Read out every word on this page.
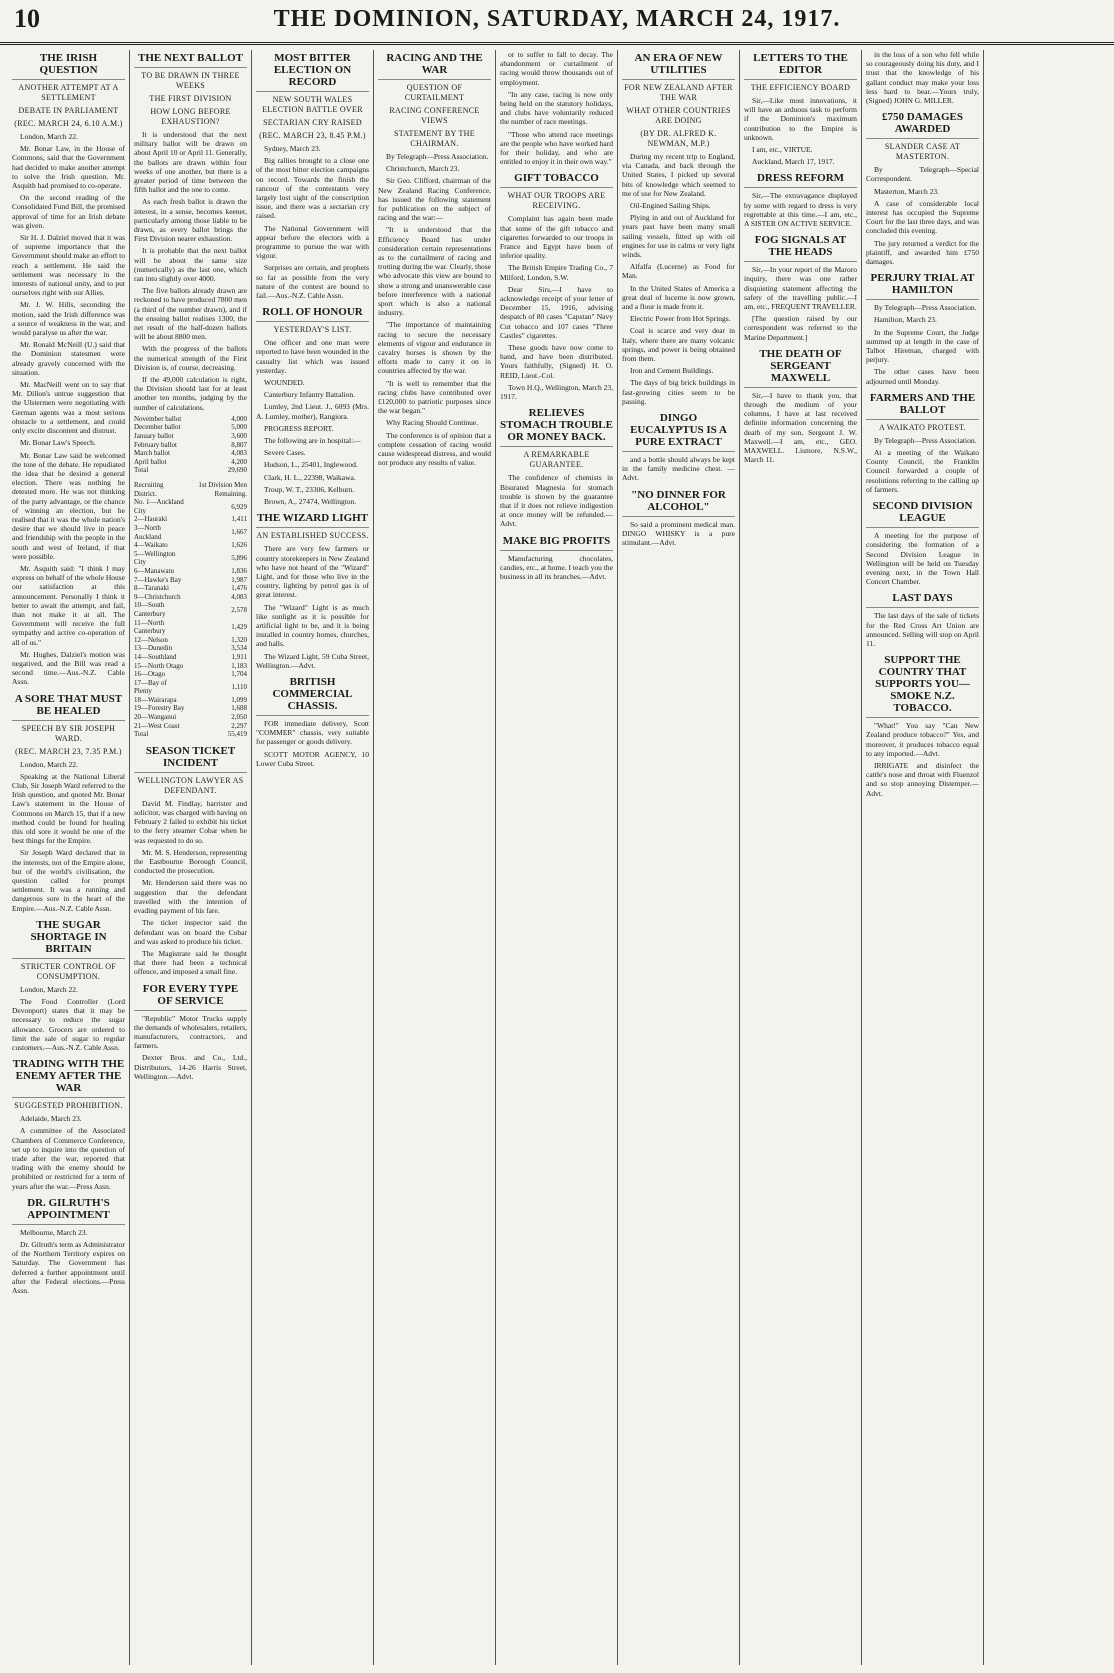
10	THE DOMINION, SATURDAY, MARCH 24, 1917.
THE IRISH QUESTION
ANOTHER ATTEMPT AT A SETTLEMENT
DEBATE IN PARLIAMENT
(REC. MARCH 24, 6.10 A.M.)

London, March 22.

Mr. Bonar Law, in the House of Commons, said that the Government had decided to make another attempt to solve the Irish question. Mr. Asquith had promised to co-operate.

On the second reading of the Consolidated Fund Bill, the promised approval of time for an Irish debate was given.

Sir H. J. Dalziel moved that it was of supreme importance that the Government should make an effort to reach a settlement. He said the settlement was necessary in the interests of national unity, and to put ourselves right with our Allies.

Mr. J. W. Hills, seconding the motion, said the Irish difference was a source of weakness in the war, and would paralyse us after the war.

Mr. Ronald McNeill (U.) said that the Dominion statesmen were already gravely concerned with the situation.

Mr. MacNeill went on to say that Mr. Dillon's untrue suggestion that the Ulstermen were negotiating with German agents was a most serious obstacle to a settlement, and could only excite discontent and distrust.

Mr. Bonar Law's Speech.

Mr. Bonar Law said he welcomed the tone of the debate. He repudiated the idea that he desired a general election. There was nothing he detested more. He was not thinking of the party advantage, or the chance of winning an election, but he realised that it was the whole nation's desire that we should live in peace and friendship with the people in the south and west of Ireland, if that were possible.

Mr. Asquith said: "I think I may express on behalf of the whole House our satisfaction at this announcement. Personally I think it better to await the attempt, and fail, than not make it at all. The Government will receive the full sympathy and active co-operation of all of us."

Mr. Hughes, Dalziel's motion was negatived, and the Bill was read a second time.—Aus.-N.Z. Cable Assn.

A SORE THAT MUST BE HEALED
SPEECH BY SIR JOSEPH WARD.
(REC. MARCH 23, 7.35 P.M.)

London, March 22.

Speaking at the National Liberal Club, Sir Joseph Ward referred to the Irish question, and quoted Mr. Bonar Law's statement in the House of Commons on March 15, that if a new method could be found for healing this old sore it would be one of the best things for the Empire.

Sir Joseph Ward declared that in the interests, not of the Empire alone, but of the world's civilisation, the question called for prompt settlement. It was a running and dangerous sore in the heart of the Empire.—Aus.-N.Z. Cable Assn.

THE SUGAR SHORTAGE IN BRITAIN
STRICTER CONTROL OF CONSUMPTION.

London, March 22.

The Food Controller (Lord Devonport) states that it may be necessary to reduce the sugar allowance. Grocers are ordered to limit the sale of sugar to regular customers.—Aus.-N.Z. Cable Assn.

TRADING WITH THE ENEMY AFTER THE WAR
SUGGESTED PROHIBITION.

Adelaide, March 23.

A committee of the Associated Chambers of Commerce Conference, set up to inquire into the question of trade after the war, reported that trading with the enemy should be prohibited or restricted for a term of years after the war.—Press Assn.

DR. GILRUTH'S APPOINTMENT

Melbourne, March 23.

Dr. Gilruth's term as Administrator of the Northern Territory expires on Saturday. The Government has deferred a further appointment until after the Federal elections.—Press Assn.

THE NEXT BALLOT
TO BE DRAWN IN THREE WEEKS
THE FIRST DIVISION
HOW LONG BEFORE EXHAUSTION?

It is understood that the next military ballot will be drawn on about April 10 or April 11. Generally, the ballots are drawn within four weeks of one another, but there is a greater period of time between the fifth ballot and the one to come.

As each fresh ballot is drawn the interest, in a sense, becomes keener, particularly among those liable to be drawn, as every ballot brings the First Division nearer exhaustion.

It is probable that the next ballot will be about the same size (numerically) as the last one, which ran into slightly over 4000.

The five ballots already drawn are reckoned to have produced 7800 men (a third of the number drawn), and if the ensuing ballot realises 1300, the net result of the half-dozen ballots will be about 8800 men.

With the progress of the ballots the numerical strength of the First Division is, of course, decreasing.

If the 49,000 calculation is right, the Division should last for at least another ten months, judging by the number of calculations.

November ballot	4,000
December ballot	5,000
January ballot	3,600
February ballot	8,807
March ballot	4,083
April ballot	4,200
Total	29,690
Recruiting District.	1st Division Men Remaining.
No. 1—Auckland City	6,929
2—Hauraki	1,411
3—North Auckland	1,667
4—Waikato	1,626
5—Wellington City	5,896
6—Manawatu	1,836
7—Hawke's Bay	1,987
8—Taranaki	1,476
9—Christchurch	4,083
10—South Canterbury	2,578
11—North Canterbury	1,429
12—Nelson	1,320
13—Dunedin	3,534
14—Southland	1,911
15—North Otago	1,183
16—Otago	1,704
17—Bay of Plenty	1,110
18—Wairarapa	1,099
19—Forestry Bay	1,688
20—Wanganui	2,050
21—West Coast	2,297
Total	55,419
SEASON TICKET INCIDENT
WELLINGTON LAWYER AS DEFENDANT.

David M. Findlay, barrister and solicitor, was charged with having on February 2 failed to exhibit his ticket to the ferry steamer Cobar when he was requested to do so.

Mr. M. S. Henderson, representing the Eastbourne Borough Council, conducted the prosecution.

Mr. Henderson said there was no suggestion that the defendant travelled with the intention of evading payment of his fare.

The ticket inspector said the defendant was on board the Cobar and was asked to produce his ticket.

The Magistrate said he thought that there had been a technical offence, and imposed a small fine.

FOR EVERY TYPE OF SERVICE

"Republic" Motor Trucks supply the demands of wholesalers, retailers, manufacturers, contractors, and farmers.

Dexter Bros. and Co., Ltd., Distributors, 14-26 Harris Street, Wellington.—Advt.

MOST BITTER ELECTION ON RECORD
NEW SOUTH WALES ELECTION BATTLE OVER
SECTARIAN CRY RAISED
(REC. MARCH 23, 8.45 P.M.)

Sydney, March 23.

Big rallies brought to a close one of the most bitter election campaigns on record. Towards the finish the rancour of the contestants very largely lost sight of the conscription issue, and there was a sectarian cry raised.

The National Government will appear before the electors with a programme to pursue the war with vigour.

Surprises are certain, and prophets so far as possible from the very nature of the contest are bound to fail.—Aus.-N.Z. Cable Assn.

ROLL OF HONOUR
YESTERDAY'S LIST.

One officer and one man were reported to have been wounded in the casualty list which was issued yesterday.

WOUNDED.

Canterbury Infantry Battalion.

Lumley, 2nd Lieut. J., 6093 (Mrs. A. Lumley, mother), Rangiora.

PROGRESS REPORT.

The following are in hospital:—

Severe Cases.

Hudson, L., 25401, Inglewood.

Clark, H. L., 22398, Waikawa.

Troup, W. T., 23306, Kelburn.

Brown, A., 27474, Wellington.

THE WIZARD LIGHT
AN ESTABLISHED SUCCESS.

There are very few farmers or country storekeepers in New Zealand who have not heard of the "Wizard" Light, and for those who live in the country, lighting by petrol gas is of great interest.

The "Wizard" Light is as much like sunlight as it is possible for artificial light to be, and it is being installed in country homes, churches, and halls.

The Wizard Light, 59 Cuba Street, Wellington.—Advt.

BRITISH COMMERCIAL CHASSIS.

FOR immediate delivery, Scott "COMMER" chassis, very suitable for passenger or goods delivery.

SCOTT MOTOR AGENCY, 10 Lower Cuba Street.

RACING AND THE WAR
QUESTION OF CURTAILMENT
RACING CONFERENCE VIEWS
STATEMENT BY THE CHAIRMAN.

By Telegraph—Press Association.

Christchurch, March 23.

Sir Geo. Clifford, chairman of the New Zealand Racing Conference, has issued the following statement for publication on the subject of racing and the war:—

"It is understood that the Efficiency Board has under consideration certain representations as to the curtailment of racing and trotting during the war. Clearly, those who advocate this view are bound to show a strong and unanswerable case before interference with a national sport which is also a national industry.

"The importance of maintaining racing to secure the necessary elements of vigour and endurance in cavalry horses is shown by the efforts made to carry it on in countries affected by the war.

"It is well to remember that the racing clubs have contributed over £120,000 to patriotic purposes since the war began."

Why Racing Should Continue.

The conference is of opinion that a complete cessation of racing would cause widespread distress, and would not produce any results of value.

or to suffer to fall to decay. The abandonment or curtailment of racing would throw thousands out of employment.

"In any case, racing is now only being held on the statutory holidays, and clubs have voluntarily reduced the number of race meetings.

"Those who attend race meetings are the people who have worked hard for their holiday, and who are entitled to enjoy it in their own way."

GIFT TOBACCO
WHAT OUR TROOPS ARE RECEIVING.

Complaint has again been made that some of the gift tobacco and cigarettes forwarded to our troops in France and Egypt have been of inferior quality.

The British Empire Trading Co., 7 Milford, London, S.W.

Dear Sirs,—I have to acknowledge receipt of your letter of December 15, 1916, advising despatch of 80 cases "Capstan" Navy Cut tobacco and 107 cases "Three Castles" cigarettes.

These goods have now come to hand, and have been distributed. Yours faithfully, (Signed) H. O. REID, Lieut.-Col.

Town H.Q., Wellington, March 23, 1917.

RELIEVES STOMACH TROUBLE OR MONEY BACK.
A REMARKABLE GUARANTEE.

The confidence of chemists in Bisurated Magnesia for stomach trouble is shown by the guarantee that if it does not relieve indigestion at once money will be refunded.—Advt.

MAKE BIG PROFITS

Manufacturing chocolates, candies, etc., at home. I teach you the business in all its branches.—Advt.

AN ERA OF NEW UTILITIES
FOR NEW ZEALAND AFTER THE WAR
WHAT OTHER COUNTRIES ARE DOING
(BY DR. ALFRED K. NEWMAN, M.P.)

During my recent trip to England, via Canada, and back through the United States, I picked up several bits of knowledge which seemed to me of use for New Zealand.

Oil-Engined Sailing Ships.

Plying in and out of Auckland for years past have been many small sailing vessels, fitted up with oil engines for use in calms or very light winds.

Alfalfa (Lucerne) as Food for Man.

In the United States of America a great deal of lucerne is now grown, and a flour is made from it.

Electric Power from Hot Springs.

Coal is scarce and very dear in Italy, where there are many volcanic springs, and power is being obtained from them.

Iron and Cement Buildings.

The days of big brick buildings in fast-growing cities seem to be passing.

DINGO EUCALYPTUS IS A PURE EXTRACT

and a bottle should always be kept in the family medicine chest. —Advt.

"NO DINNER FOR ALCOHOL"

So said a prominent medical man. DINGO WHISKY is a pure stimulant.—Advt.

LETTERS TO THE EDITOR
THE EFFICIENCY BOARD

Sir,—Like most innovations, it will have an arduous task to perform if the Dominion's maximum contribution to the Empire is unknown.

I am, etc., VIRTUE.

Auckland, March 17, 1917.

DRESS REFORM

Sir,—The extravagance displayed by some with regard to dress is very regrettable at this time.—I am, etc., A SISTER ON ACTIVE SERVICE.

FOG SIGNALS AT THE HEADS

Sir,—In your report of the Maroro inquiry, there was one rather disquieting statement affecting the safety of the travelling public.—I am, etc., FREQUENT TRAVELLER.

[The question raised by our correspondent was referred to the Marine Department.]

THE DEATH OF SERGEANT MAXWELL

Sir,—I have to thank you, that through the medium of your columns, I have at last received definite information concerning the death of my son, Sergeant J. W. Maxwell.—I am, etc., GEO. MAXWELL. Lismore, N.S.W., March 11.

in the loss of a son who fell while so courageously doing his duty, and I trust that the knowledge of his gallant conduct may make your loss less hard to bear.—Yours truly, (Signed) JOHN G. MILLER.

£750 DAMAGES AWARDED
SLANDER CASE AT MASTERTON.

By Telegraph—Special Correspondent.

Masterton, March 23.

A case of considerable local interest has occupied the Supreme Court for the last three days, and was concluded this evening.

The jury returned a verdict for the plaintiff, and awarded him £750 damages.

PERJURY TRIAL AT HAMILTON

By Telegraph—Press Association.

Hamilton, March 23.

In the Supreme Court, the Judge summed up at length in the case of Talbot Hireman, charged with perjury.

The other cases have been adjourned until Monday.

FARMERS AND THE BALLOT
A WAIKATO PROTEST.

By Telegraph—Press Association.

At a meeting of the Waikato County Council, the Franklin Council forwarded a couple of resolutions referring to the calling up of farmers.

SECOND DIVISION LEAGUE

A meeting for the purpose of considering the formation of a Second Division League in Wellington will be held on Tuesday evening next, in the Town Hall Concert Chamber.

LAST DAYS

The last days of the sale of tickets for the Red Cross Art Union are announced. Selling will stop on April 11.

SUPPORT THE COUNTRY THAT SUPPORTS YOU—SMOKE N.Z. TOBACCO.

"What!" You say "Can New Zealand produce tobacco?" Yes, and moreover, it produces tobacco equal to any imported.—Advt.

IRRIGATE and disinfect the cattle's nose and throat with Fluenzol and so stop annoying Distemper.—Advt.
